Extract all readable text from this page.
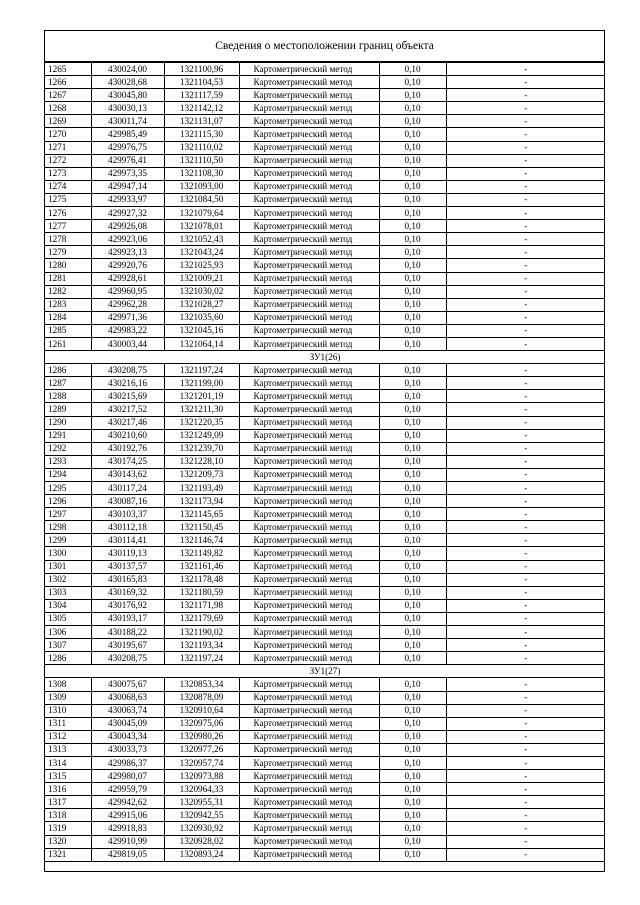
Сведения о местоположении границ объекта
1265	430024,00	1321100,96	Картометрический метод	0,10	-
1266	430028,68	1321104,53	Картометрический метод	0,10	-
1267	430045,80	1321117,59	Картометрический метод	0,10	-
1268	430030,13	1321142,12	Картометрический метод	0,10	-
1269	430011,74	1321131,07	Картометрический метод	0,10	-
1270	429985,49	1321115,30	Картометрический метод	0,10	-
1271	429976,75	1321110,02	Картометрический метод	0,10	-
1272	429976,41	1321110,50	Картометрический метод	0,10	-
1273	429973,35	1321108,30	Картометрический метод	0,10	-
1274	429947,14	1321093,00	Картометрический метод	0,10	-
1275	429933,97	1321084,50	Картометрический метод	0,10	-
1276	429927,32	1321079,64	Картометрический метод	0,10	-
1277	429926,08	1321078,01	Картометрический метод	0,10	-
1278	429923,06	1321052,43	Картометрический метод	0,10	-
1279	429923,13	1321043,24	Картометрический метод	0,10	-
1280	429920,76	1321025,93	Картометрический метод	0,10	-
1281	429928,61	1321009,21	Картометрический метод	0,10	-
1282	429960,95	1321030,02	Картометрический метод	0,10	-
1283	429962,28	1321028,27	Картометрический метод	0,10	-
1284	429971,36	1321035,60	Картометрический метод	0,10	-
1285	429983,22	1321045,16	Картометрический метод	0,10	-
1261	430003,44	1321064,14	Картометрический метод	0,10	-
ЗУ1(26)					
1286	430208,75	1321197,24	Картометрический метод	0,10	-
1287	430216,16	1321199,00	Картометрический метод	0,10	-
1288	430215,69	1321201,19	Картометрический метод	0,10	-
1289	430217,52	1321211,30	Картометрический метод	0,10	-
1290	430217,46	1321220,35	Картометрический метод	0,10	-
1291	430210,60	1321249,09	Картометрический метод	0,10	-
1292	430192,76	1321239,70	Картометрический метод	0,10	-
1293	430174,25	1321228,10	Картометрический метод	0,10	-
1294	430143,62	1321209,73	Картометрический метод	0,10	-
1295	430117,24	1321193,49	Картометрический метод	0,10	-
1296	430087,16	1321173,94	Картометрический метод	0,10	-
1297	430103,37	1321145,65	Картометрический метод	0,10	-
1298	430112,18	1321150,45	Картометрический метод	0,10	-
1299	430114,41	1321146,74	Картометрический метод	0,10	-
1300	430119,13	1321149,82	Картометрический метод	0,10	-
1301	430137,57	1321161,46	Картометрический метод	0,10	-
1302	430165,83	1321178,48	Картометрический метод	0,10	-
1303	430169,32	1321180,59	Картометрический метод	0,10	-
1304	430176,92	1321171,98	Картометрический метод	0,10	-
1305	430193,17	1321179,69	Картометрический метод	0,10	-
1306	430188,22	1321190,02	Картометрический метод	0,10	-
1307	430195,67	1321193,34	Картометрический метод	0,10	-
1286	430208,75	1321197,24	Картометрический метод	0,10	-
ЗУ1(27)					
1308	430075,67	1320853,34	Картометрический метод	0,10	-
1309	430068,63	1320878,09	Картометрический метод	0,10	-
1310	430063,74	1320910,64	Картометрический метод	0,10	-
1311	430045,09	1320975,06	Картометрический метод	0,10	-
1312	430043,34	1320980,26	Картометрический метод	0,10	-
1313	430033,73	1320977,26	Картометрический метод	0,10	-
1314	429986,37	1320957,74	Картометрический метод	0,10	-
1315	429980,07	1320973,88	Картометрический метод	0,10	-
1316	429959,79	1320964,33	Картометрический метод	0,10	-
1317	429942,62	1320955,31	Картометрический метод	0,10	-
1318	429915,06	1320942,55	Картометрический метод	0,10	-
1319	429918,83	1320930,92	Картометрический метод	0,10	-
1320	429910,99	1320928,02	Картометрический метод	0,10	-
1321	429819,05	1320893,24	Картометрический метод	0,10	-
